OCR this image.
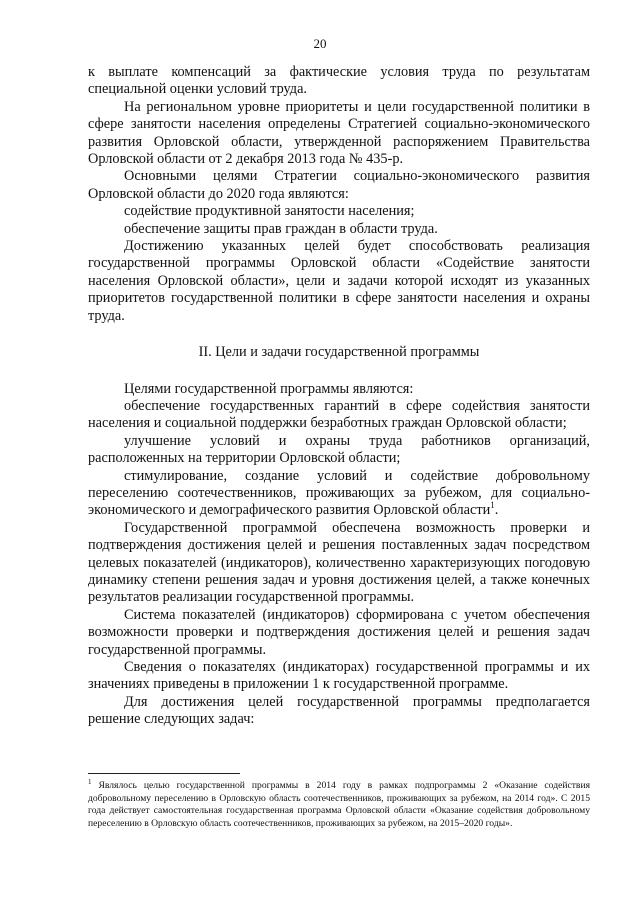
20

к выплате компенсаций за фактические условия труда по результатам специальной оценки условий труда.

На региональном уровне приоритеты и цели государственной политики в сфере занятости населения определены Стратегией социально-экономического развития Орловской области, утвержденной распоряжением Правительства Орловской области от 2 декабря 2013 года № 435-р.

Основными целями Стратегии социально-экономического развития Орловской области до 2020 года являются:

содействие продуктивной занятости населения;

обеспечение защиты прав граждан в области труда.

Достижению указанных целей будет способствовать реализация государственной программы Орловской области «Содействие занятости населения Орловской области», цели и задачи которой исходят из указанных приоритетов государственной политики в сфере занятости населения и охраны труда.

II. Цели и задачи государственной программы

Целями государственной программы являются:

обеспечение государственных гарантий в сфере содействия занятости населения и социальной поддержки безработных граждан Орловской области;

улучшение условий и охраны труда работников организаций, расположенных на территории Орловской области;

стимулирование, создание условий и содействие добровольному переселению соотечественников, проживающих за рубежом, для социально-экономического и демографического развития Орловской области$^1$.

Государственной программой обеспечена возможность проверки и подтверждения достижения целей и решения поставленных задач посредством целевых показателей (индикаторов), количественно характеризующих погодовую динамику степени решения задач и уровня достижения целей, а также конечных результатов реализации государственной программы.

Система показателей (индикаторов) сформирована с учетом обеспечения возможности проверки и подтверждения достижения целей и решения задач государственной программы.

Сведения о показателях (индикаторах) государственной программы и их значениях приведены в приложении 1 к государственной программе.

Для достижения целей государственной программы предполагается решение следующих задач:

$^1$ Являлось целью государственной программы в 2014 году в рамках подпрограммы 2 «Оказание содействия добровольному переселению в Орловскую область соотечественников, проживающих за рубежом, на 2014 год». С 2015 года действует самостоятельная государственная программа Орловской области «Оказание содействия добровольному переселению в Орловскую область соотечественников, проживающих за рубежом, на 2015–2020 годы».
